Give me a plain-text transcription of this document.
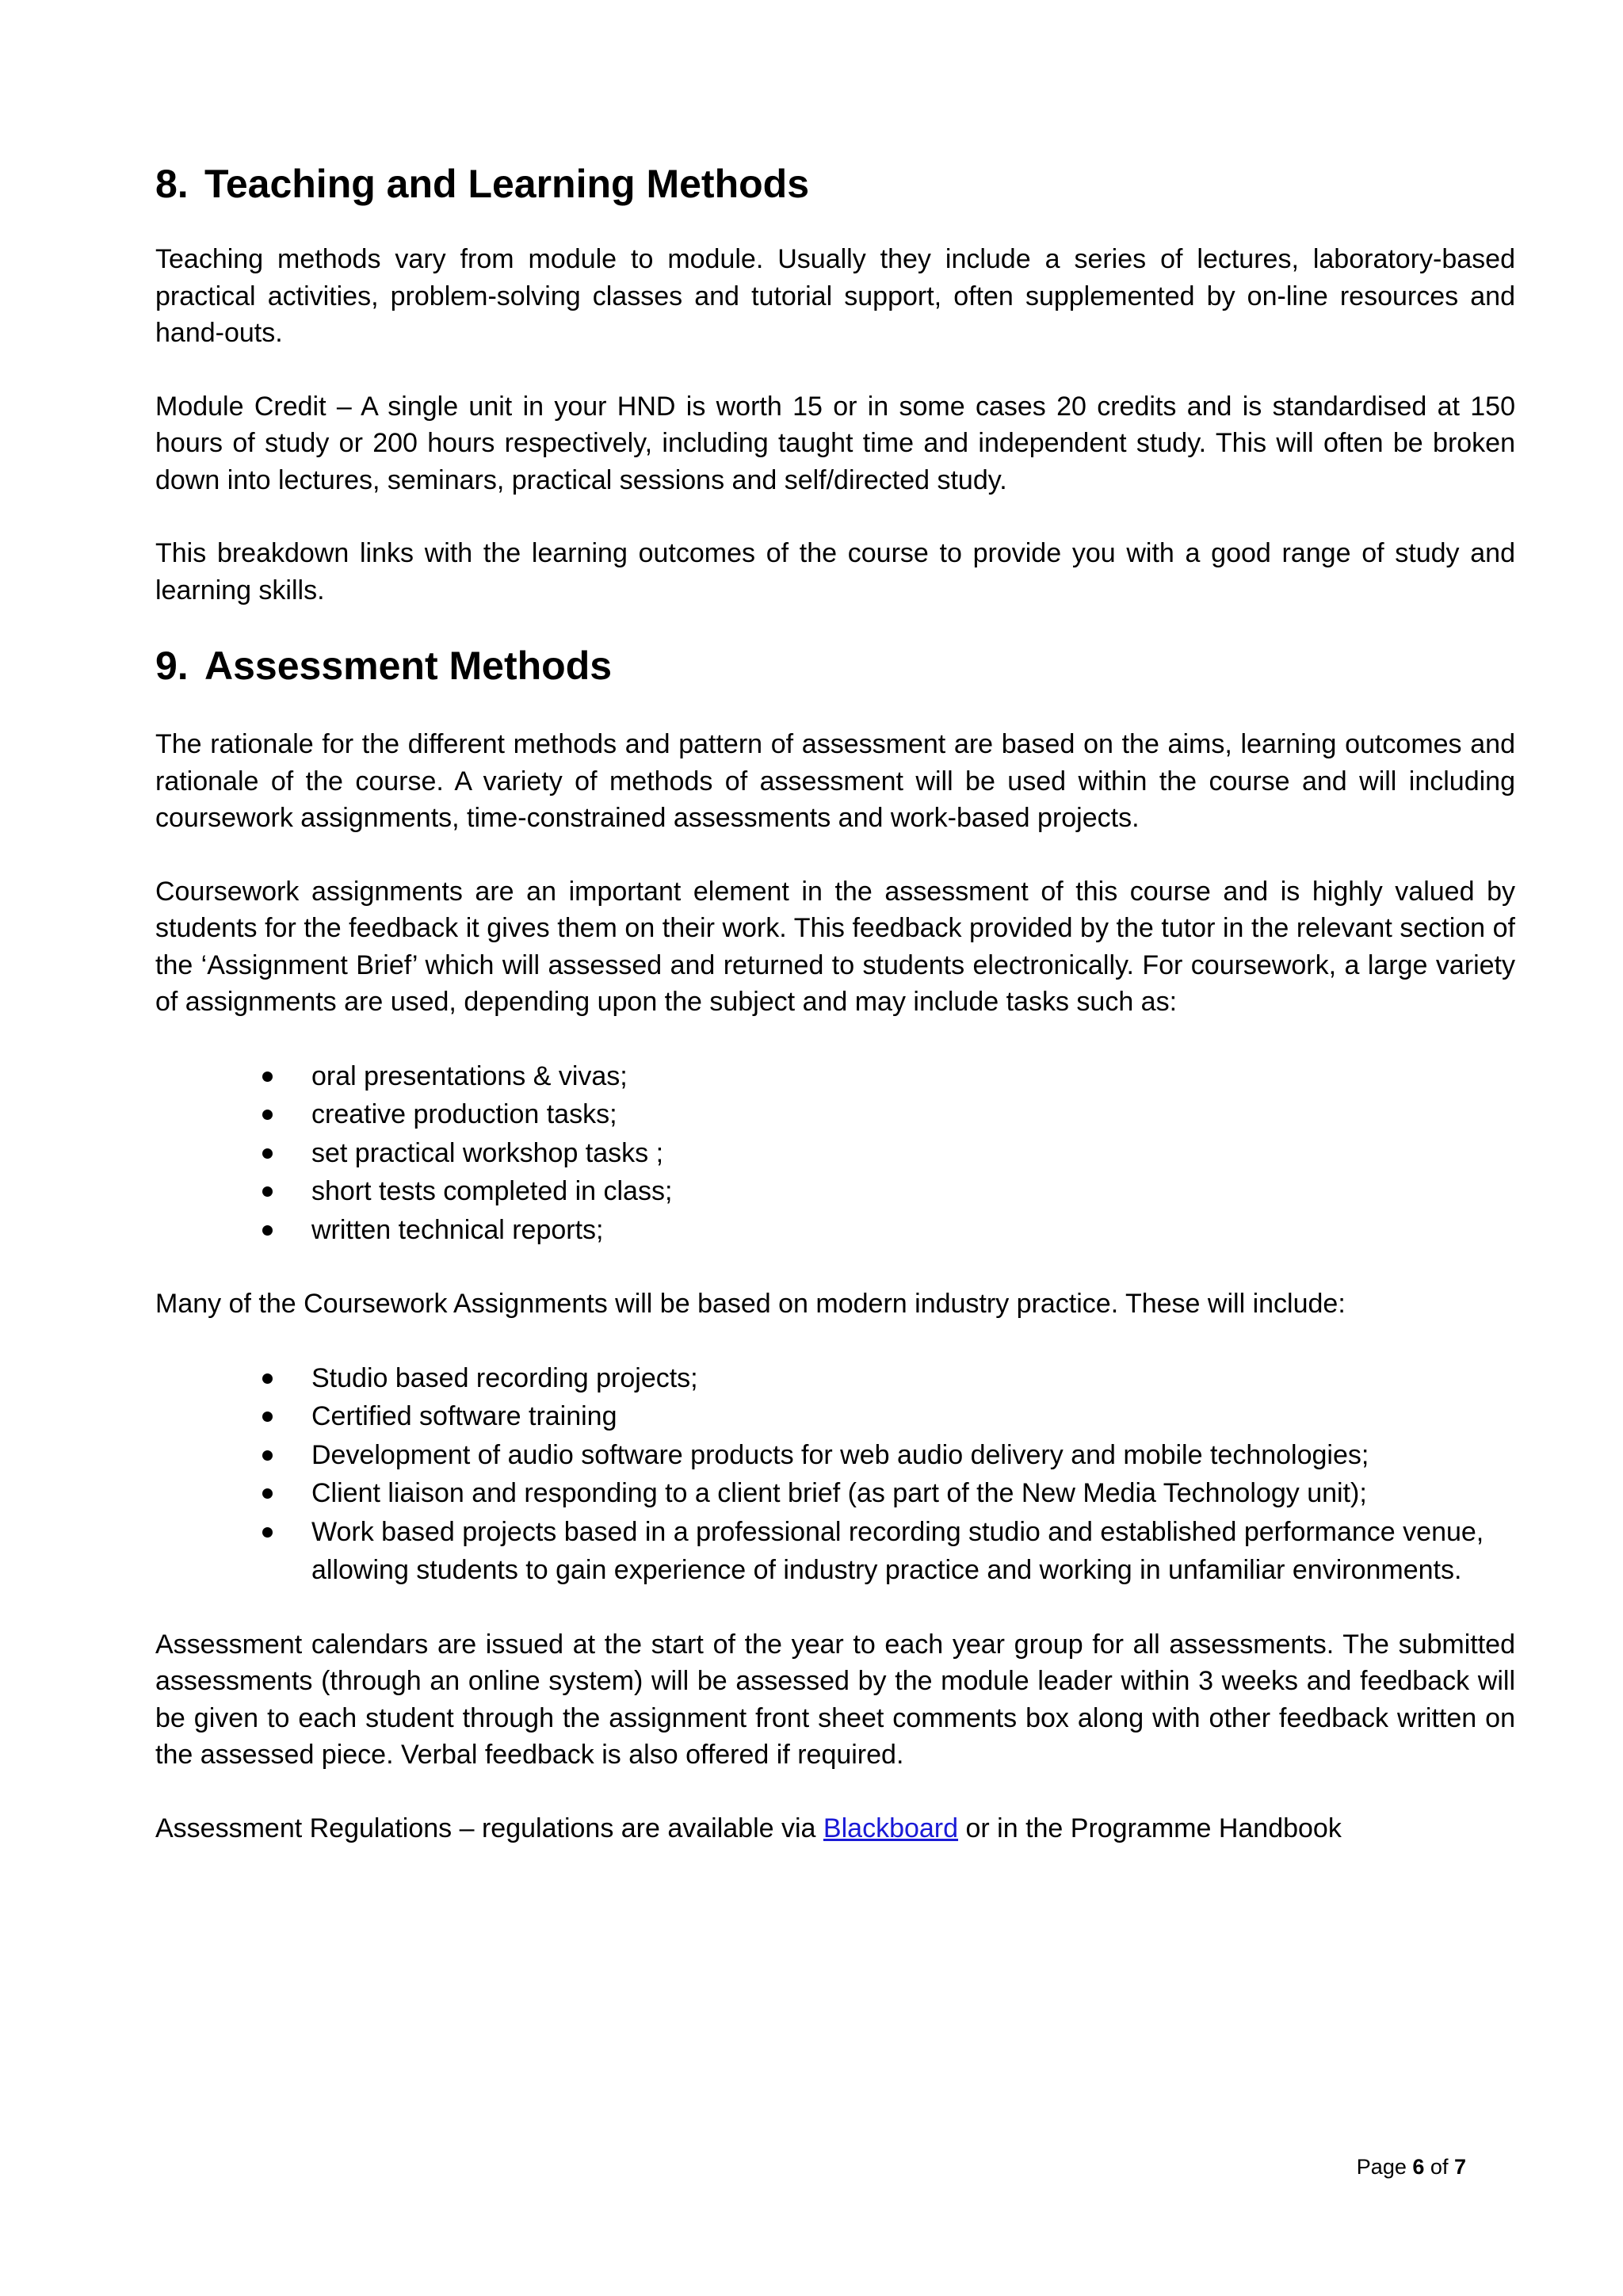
8. Teaching and Learning Methods

Teaching methods vary from module to module. Usually they include a series of lectures, laboratory-based practical activities, problem-solving classes and tutorial support, often supplemented by on-line resources and hand-outs.

Module Credit – A single unit in your HND is worth 15 or in some cases 20 credits and is standardised at 150 hours of study or 200 hours respectively, including taught time and independent study. This will often be broken down into lectures, seminars, practical sessions and self/directed study.

This breakdown links with the learning outcomes of the course to provide you with a good range of study and learning skills.

9. Assessment Methods

The rationale for the different methods and pattern of assessment are based on the aims, learning outcomes and rationale of the course. A variety of methods of assessment will be used within the course and will including coursework assignments, time-constrained assessments and work-based projects.

Coursework assignments are an important element in the assessment of this course and is highly valued by students for the feedback it gives them on their work. This feedback provided by the tutor in the relevant section of the ‘Assignment Brief’ which will assessed and returned to students electronically. For coursework, a large variety of assignments are used, depending upon the subject and may include tasks such as:

oral presentations & vivas;
creative production tasks;
set practical workshop tasks ;
short tests completed in class;
written technical reports;

Many of the Coursework Assignments will be based on modern industry practice. These will include:

Studio based recording projects;
Certified software training
Development of audio software products for web audio delivery and mobile technologies;
Client liaison and responding to a client brief (as part of the New Media Technology unit);
Work based projects based in a professional recording studio and established performance venue, allowing students to gain experience of industry practice and working in unfamiliar environments.

Assessment calendars are issued at the start of the year to each year group for all assessments. The submitted assessments (through an online system) will be assessed by the module leader within 3 weeks and feedback will be given to each student through the assignment front sheet comments box along with other feedback written on the assessed piece. Verbal feedback is also offered if required.

Assessment Regulations – regulations are available via Blackboard or in the Programme Handbook

Page 6 of 7
